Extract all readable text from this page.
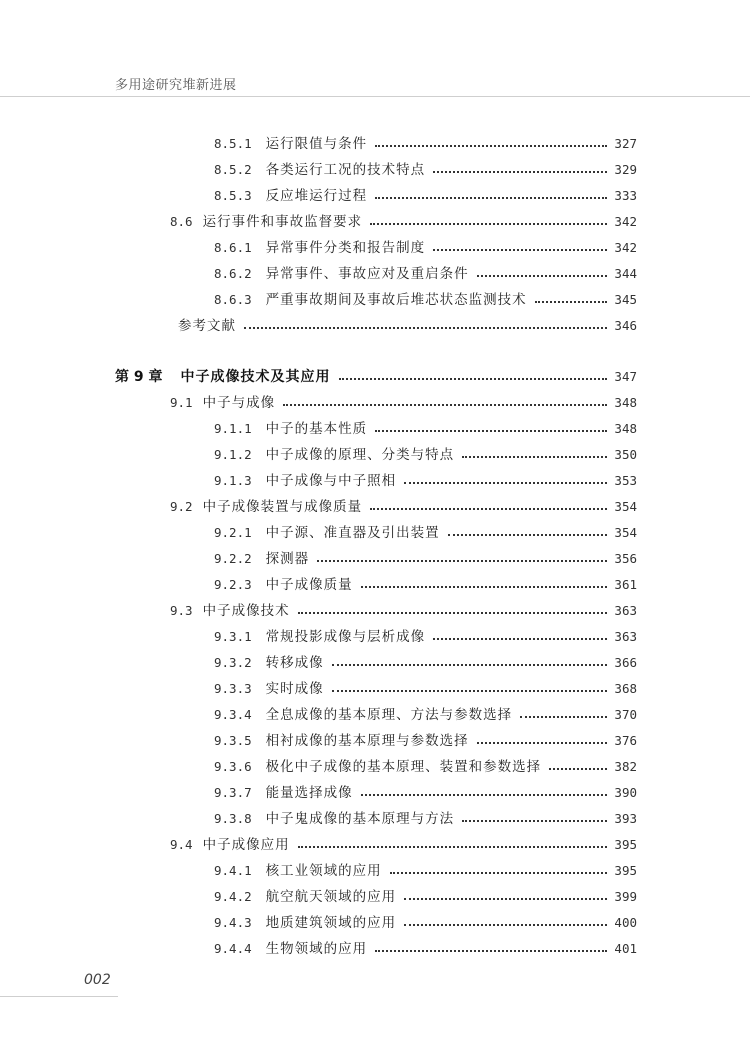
多用途研究堆新进展
8.5.1	运行限值与条件	327
8.5.2	各类运行工况的技术特点	329
8.5.3	反应堆运行过程	333
8.6 运行事件和事故监督要求	342
8.6.1	异常事件分类和报告制度	342
8.6.2	异常事件、事故应对及重启条件	344
8.6.3	严重事故期间及事故后堆芯状态监测技术	345
参考文献	346
第 9 章	中子成像技术及其应用	347
9.1 中子与成像	348
9.1.1	中子的基本性质	348
9.1.2	中子成像的原理、分类与特点	350
9.1.3	中子成像与中子照相	353
9.2 中子成像装置与成像质量	354
9.2.1	中子源、准直器及引出装置	354
9.2.2	探测器	356
9.2.3	中子成像质量	361
9.3 中子成像技术	363
9.3.1	常规投影成像与层析成像	363
9.3.2	转移成像	366
9.3.3	实时成像	368
9.3.4	全息成像的基本原理、方法与参数选择	370
9.3.5	相衬成像的基本原理与参数选择	376
9.3.6	极化中子成像的基本原理、装置和参数选择	382
9.3.7	能量选择成像	390
9.3.8	中子鬼成像的基本原理与方法	393
9.4 中子成像应用	395
9.4.1	核工业领域的应用	395
9.4.2	航空航天领域的应用	399
9.4.3	地质建筑领域的应用	400
9.4.4	生物领域的应用	401
002
